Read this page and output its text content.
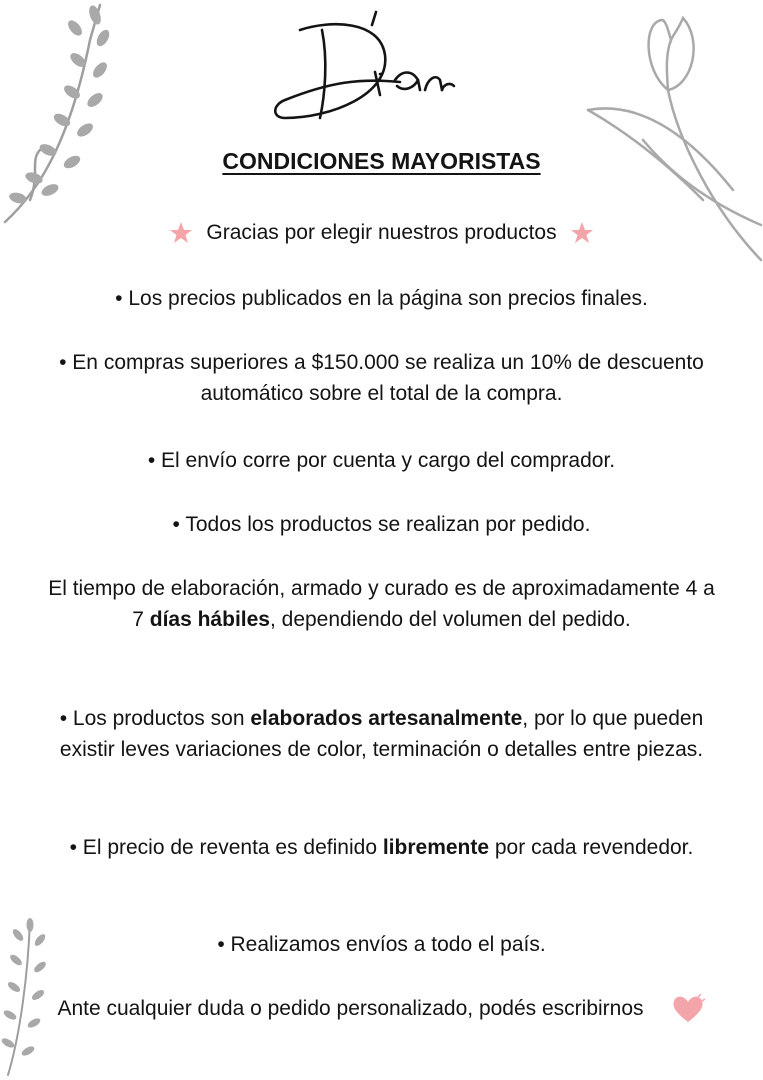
CONDICIONES MAYORISTAS
Gracias por elegir nuestros productos
• Los precios publicados en la página son precios finales.
• En compras superiores a $150.000 se realiza un 10% de descuento automático sobre el total de la compra.
• El envío corre por cuenta y cargo del comprador.
• Todos los productos se realizan por pedido.
El tiempo de elaboración, armado y curado es de aproximadamente 4 a 7 días hábiles, dependiendo del volumen del pedido.
• Los productos son elaborados artesanalmente, por lo que pueden existir leves variaciones de color, terminación o detalles entre piezas.
• El precio de reventa es definido libremente por cada revendedor.
• Realizamos envíos a todo el país.
Ante cualquier duda o pedido personalizado, podés escribirnos
